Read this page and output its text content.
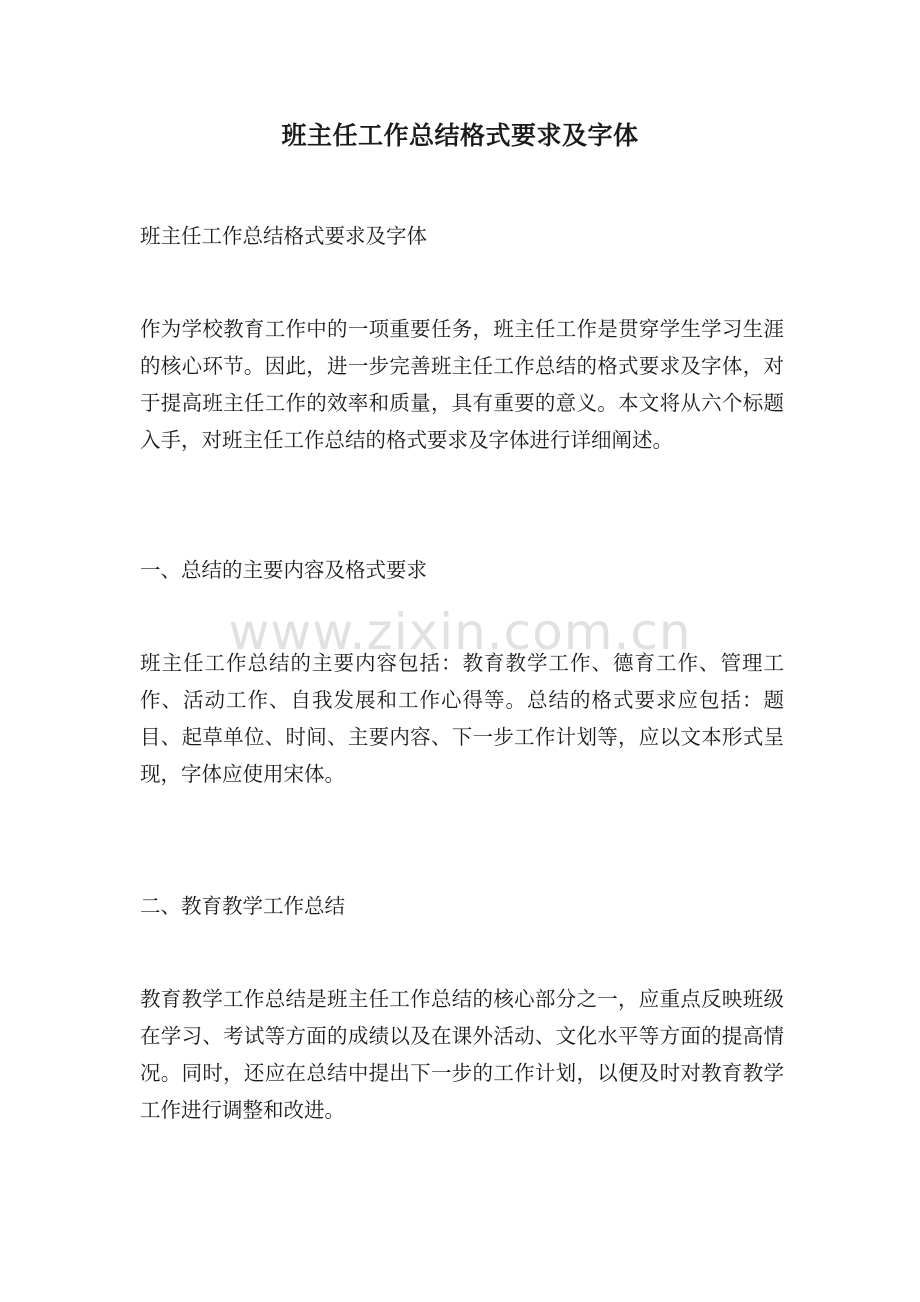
班主任工作总结格式要求及字体

班主任工作总结格式要求及字体

作为学校教育工作中的一项重要任务，班主任工作是贯穿学生学习生涯的核心环节。因此，进一步完善班主任工作总结的格式要求及字体，对于提高班主任工作的效率和质量，具有重要的意义。本文将从六个标题入手，对班主任工作总结的格式要求及字体进行详细阐述。

一、总结的主要内容及格式要求

班主任工作总结的主要内容包括：教育教学工作、德育工作、管理工作、活动工作、自我发展和工作心得等。总结的格式要求应包括：题目、起草单位、时间、主要内容、下一步工作计划等，应以文本形式呈现，字体应使用宋体。

二、教育教学工作总结

教育教学工作总结是班主任工作总结的核心部分之一，应重点反映班级在学习、考试等方面的成绩以及在课外活动、文化水平等方面的提高情况。同时，还应在总结中提出下一步的工作计划，以便及时对教育教学工作进行调整和改进。

www.zixin.com.cn
